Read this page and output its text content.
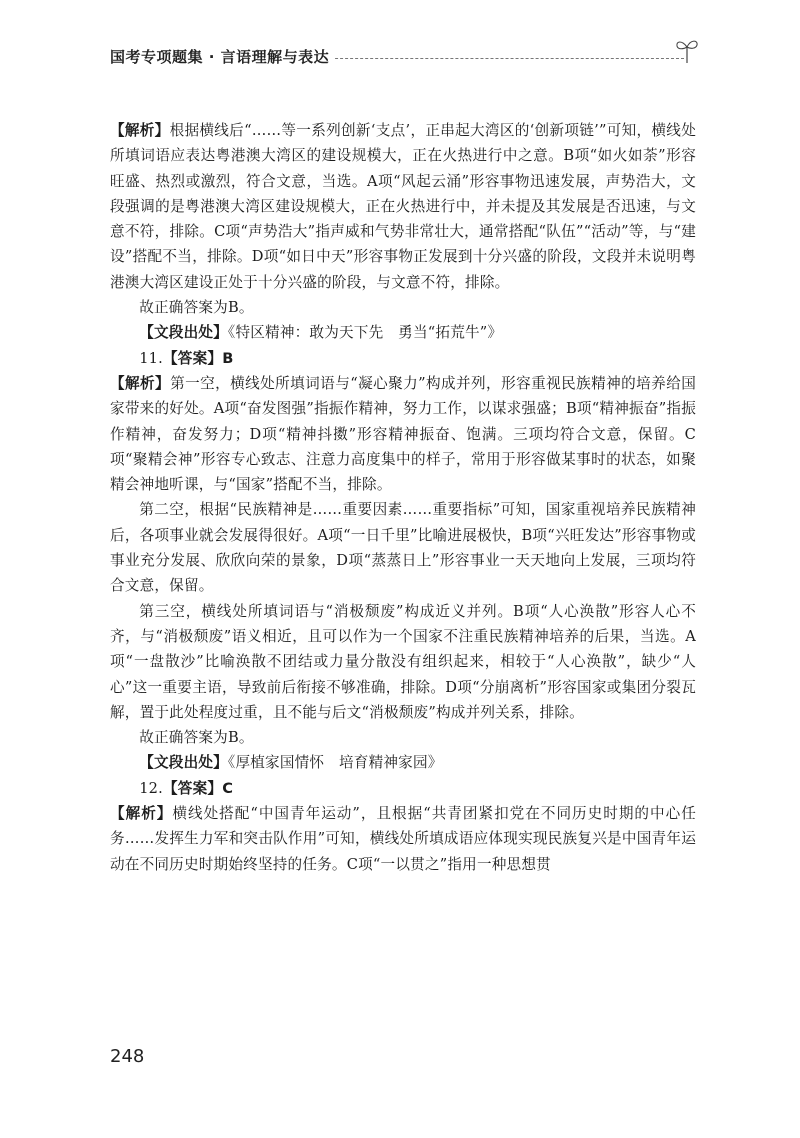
国考专项题集 · 言语理解与表达

【解析】根据横线后“……等一系列创新‘支点’，正串起大湾区的‘创新项链’”可知，横线处所填词语应表达粤港澳大湾区的建设规模大，正在火热进行中之意。B项“如火如荼”形容旺盛、热烈或激烈，符合文意，当选。A项“风起云涌”形容事物迅速发展，声势浩大，文段强调的是粤港澳大湾区建设规模大，正在火热进行中，并未提及其发展是否迅速，与文意不符，排除。C项“声势浩大”指声威和气势非常壮大，通常搭配“队伍”“活动”等，与“建设”搭配不当，排除。D项“如日中天”形容事物正发展到十分兴盛的阶段，文段并未说明粤港澳大湾区建设正处于十分兴盛的阶段，与文意不符，排除。

故正确答案为B。

【文段出处】《特区精神：敢为天下先　勇当“拓荒牛”》

11.【答案】B

【解析】第一空，横线处所填词语与“凝心聚力”构成并列，形容重视民族精神的培养给国家带来的好处。A项“奋发图强”指振作精神，努力工作，以谋求强盛；B项“精神振奋”指振作精神，奋发努力；D项“精神抖擞”形容精神振奋、饱满。三项均符合文意，保留。C项“聚精会神”形容专心致志、注意力高度集中的样子，常用于形容做某事时的状态，如聚精会神地听课，与“国家”搭配不当，排除。

第二空，根据“民族精神是……重要因素……重要指标”可知，国家重视培养民族精神后，各项事业就会发展得很好。A项“一日千里”比喻进展极快，B项“兴旺发达”形容事物或事业充分发展、欣欣向荣的景象，D项“蒸蒸日上”形容事业一天天地向上发展，三项均符合文意，保留。

第三空，横线处所填词语与“消极颓废”构成近义并列。B项“人心涣散”形容人心不齐，与“消极颓废”语义相近，且可以作为一个国家不注重民族精神培养的后果，当选。A项“一盘散沙”比喻涣散不团结或力量分散没有组织起来，相较于“人心涣散”，缺少“人心”这一重要主语，导致前后衔接不够准确，排除。D项“分崩离析”形容国家或集团分裂瓦解，置于此处程度过重，且不能与后文“消极颓废”构成并列关系，排除。

故正确答案为B。

【文段出处】《厚植家国情怀　培育精神家园》

12.【答案】C

【解析】横线处搭配“中国青年运动”，且根据“共青团紧扣党在不同历史时期的中心任务……发挥生力军和突击队作用”可知，横线处所填成语应体现实现民族复兴是中国青年运动在不同历史时期始终坚持的任务。C项“一以贯之”指用一种思想贯

248
